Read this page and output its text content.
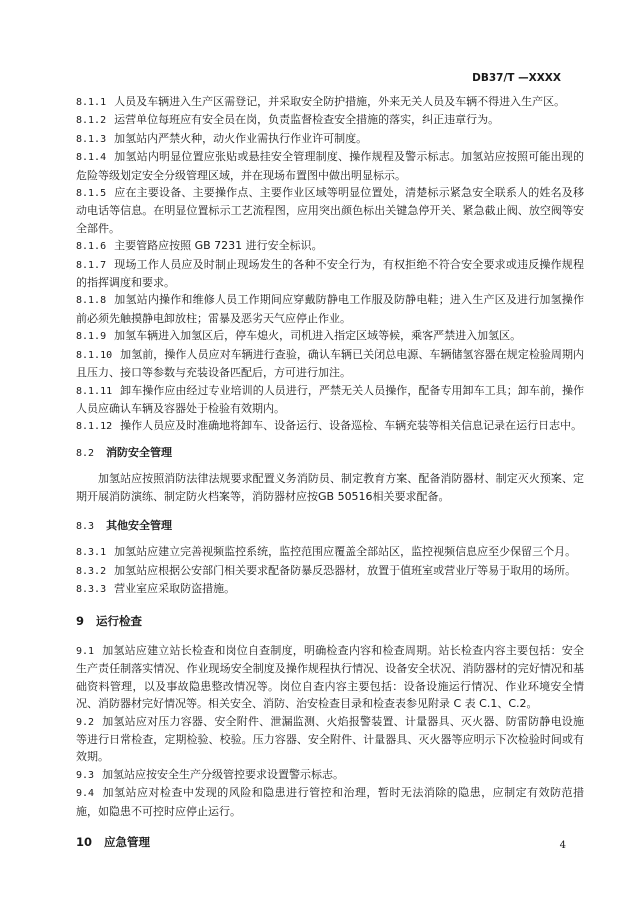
DB37/T —XXXX

8.1.1 人员及车辆进入生产区需登记，并采取安全防护措施，外来无关人员及车辆不得进入生产区。

8.1.2 运营单位每班应有安全员在岗，负责监督检查安全措施的落实，纠正违章行为。

8.1.3 加氢站内严禁火种，动火作业需执行作业许可制度。

8.1.4 加氢站内明显位置应张贴或悬挂安全管理制度、操作规程及警示标志。加氢站应按照可能出现的危险等级划定安全分级管理区域，并在现场布置图中做出明显标示。

8.1.5 应在主要设备、主要操作点、主要作业区域等明显位置处，清楚标示紧急安全联系人的姓名及移动电话等信息。在明显位置标示工艺流程图，应用突出颜色标出关键急停开关、紧急截止阀、放空阀等安全部件。

8.1.6 主要管路应按照 GB 7231 进行安全标识。

8.1.7 现场工作人员应及时制止现场发生的各种不安全行为，有权拒绝不符合安全要求或违反操作规程的指挥调度和要求。

8.1.8 加氢站内操作和维修人员工作期间应穿戴防静电工作服及防静电鞋；进入生产区及进行加氢操作前必须先触摸静电卸放柱；雷暴及恶劣天气应停止作业。

8.1.9 加氢车辆进入加氢区后，停车熄火，司机进入指定区域等候，乘客严禁进入加氢区。

8.1.10 加氢前，操作人员应对车辆进行查验，确认车辆已关闭总电源、车辆储氢容器在规定检验周期内且压力、接口等参数与充装设备匹配后，方可进行加注。

8.1.11 卸车操作应由经过专业培训的人员进行，严禁无关人员操作，配备专用卸车工具；卸车前，操作人员应确认车辆及容器处于检验有效期内。

8.1.12 操作人员应及时准确地将卸车、设备运行、设备巡检、车辆充装等相关信息记录在运行日志中。

8.2 消防安全管理

加氢站应按照消防法律法规要求配置义务消防员、制定教育方案、配备消防器材、制定灭火预案、定期开展消防演练、制定防火档案等，消防器材应按GB 50516相关要求配备。

8.3 其他安全管理

8.3.1 加氢站应建立完善视频监控系统，监控范围应覆盖全部站区，监控视频信息应至少保留三个月。

8.3.2 加氢站应根据公安部门相关要求配备防暴反恐器材，放置于值班室或营业厅等易于取用的场所。

8.3.3 营业室应采取防盗措施。

9 运行检查

9.1 加氢站应建立站长检查和岗位自查制度，明确检查内容和检查周期。站长检查内容主要包括：安全生产责任制落实情况、作业现场安全制度及操作规程执行情况、设备安全状况、消防器材的完好情况和基础资料管理，以及事故隐患整改情况等。岗位自查内容主要包括：设备设施运行情况、作业环境安全情况、消防器材完好情况等。相关安全、消防、治安检查目录和检查表参见附录 C 表 C.1、C.2。

9.2 加氢站应对压力容器、安全附件、泄漏监测、火焰报警装置、计量器具、灭火器、防雷防静电设施等进行日常检查，定期检验、校验。压力容器、安全附件、计量器具、灭火器等应明示下次检验时间或有效期。

9.3 加氢站应按安全生产分级管控要求设置警示标志。

9.4 加氢站应对检查中发现的风险和隐患进行管控和治理，暂时无法消除的隐患，应制定有效防范措施，如隐患不可控时应停止运行。

10 应急管理	4
